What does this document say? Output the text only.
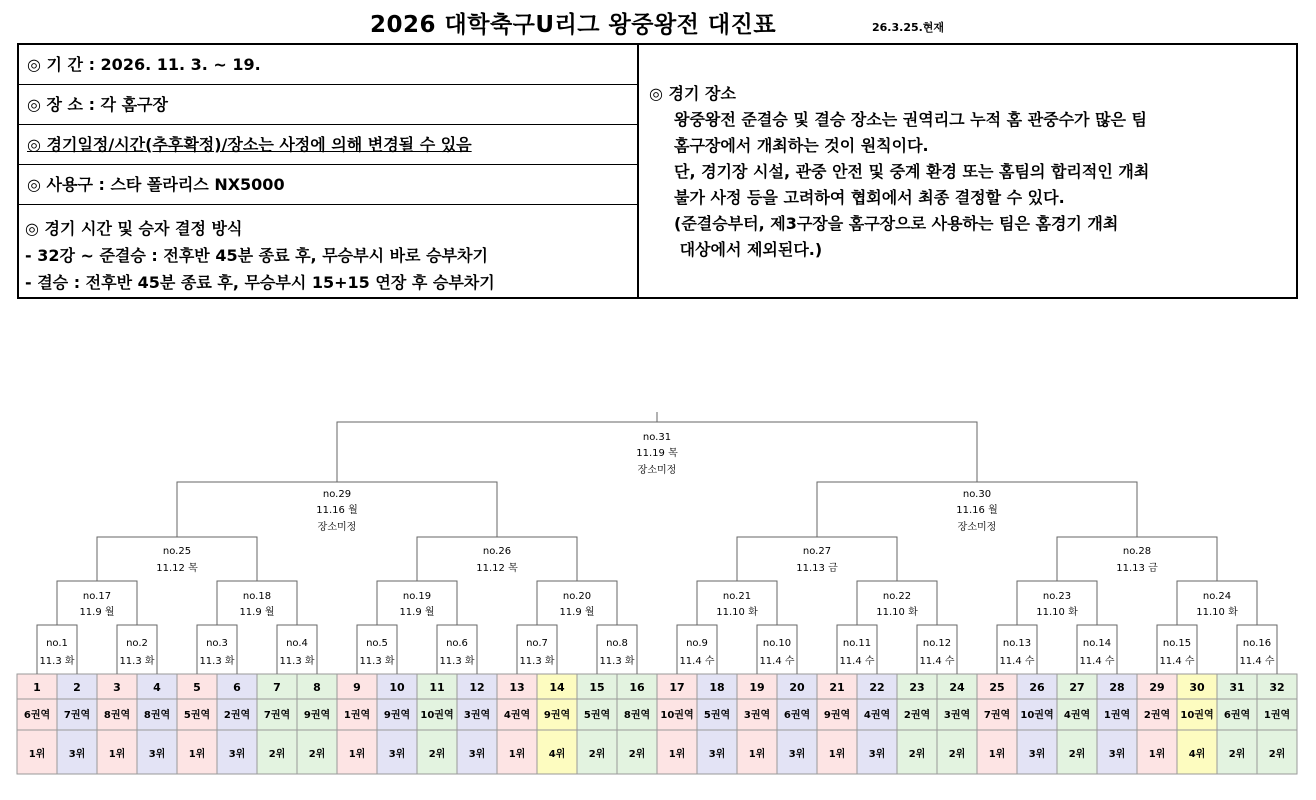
2026 대학축구U리그 왕중왕전 대진표	26.3.25.현재
◎ 기 간 : 2026. 11. 3. ~ 19.
◎ 장 소 : 각 홈구장
◎ 경기일정/시간(추후확정)/장소는 사정에 의해 변경될 수 있음
◎ 사용구 : 스타 폴라리스 NX5000
◎ 경기 시간 및 승자 결정 방식
- 32강 ~ 준결승 : 전후반 45분 종료 후, 무승부시 바로 승부차기
- 결승 : 전후반 45분 종료 후, 무승부시 15+15 연장 후 승부차기
◎ 경기 장소
왕중왕전 준결승 및 결승 장소는 권역리그 누적 홈 관중수가 많은 팀
홈구장에서 개최하는 것이 원칙이다.
단, 경기장 시설, 관중 안전 및 중계 환경 또는 홈팀의 합리적인 개최
불가 사정 등을 고려하여 협회에서 최종 결정할 수 있다.
(준결승부터, 제3구장을 홈구장으로 사용하는 팀은 홈경기 개최
대상에서 제외된다.)
1
6권역
1위
2
7권역
3위
3
8권역
1위
4
8권역
3위
5
5권역
1위
6
2권역
3위
7
7권역
2위
8
9권역
2위
9
1권역
1위
10
9권역
3위
11
10권역
2위
12
3권역
3위
13
4권역
1위
14
9권역
4위
15
5권역
2위
16
8권역
2위
17
10권역
1위
18
5권역
3위
19
3권역
1위
20
6권역
3위
21
9권역
1위
22
4권역
3위
23
2권역
2위
24
3권역
2위
25
7권역
1위
26
10권역
3위
27
4권역
2위
28
1권역
3위
29
2권역
1위
30
10권역
4위
31
6권역
2위
32
1권역
2위
no.1
11.3 화
no.2
11.3 화
no.3
11.3 화
no.4
11.3 화
no.5
11.3 화
no.6
11.3 화
no.7
11.3 화
no.8
11.3 화
no.9
11.4 수
no.10
11.4 수
no.11
11.4 수
no.12
11.4 수
no.13
11.4 수
no.14
11.4 수
no.15
11.4 수
no.16
11.4 수
no.17
11.9 월
no.18
11.9 월
no.19
11.9 월
no.20
11.9 월
no.21
11.10 화
no.22
11.10 화
no.23
11.10 화
no.24
11.10 화
no.25
11.12 목
no.26
11.12 목
no.27
11.13 금
no.28
11.13 금
no.29
11.16 월
장소미정
no.30
11.16 월
장소미정
no.31
11.19 목
장소미정
